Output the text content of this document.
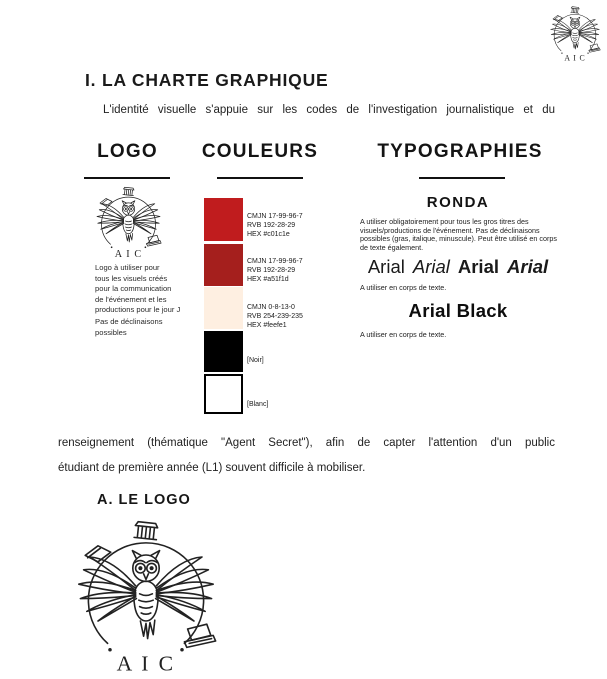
I. LA CHARTE GRAPHIQUE

L'identité visuelle s'appuie sur les codes de l'investigation journalistique et du

LOGO	COULEURS	TYPOGRAPHIES
Logo à utiliser pour
tous les visuels créés
pour la communication
de l'événement et les
productions pour le jour J
Pas de déclinaisons
possibles
CMJN 17-99-96-7
RVB 192-28-29
HEX #c01c1e
CMJN 17-99-96-7
RVB 192-28-29
HEX #a51f1d
CMJN 0-8-13-0
RVB 254-239-235
HEX #feefe1
[Noir]
[Blanc]
RONDA
A utiliser obligatoirement pour tous les gros titres des visuels/productions de l'événement. Pas de déclinaisons possibles (gras, italique, minuscule). Peut être utilisé en corps de texte également.
Arial Arial Arial Arial
A utiliser en corps de texte.
Arial Black
A utiliser en corps de texte.
renseignement (thématique "Agent Secret"), afin de capter l'attention d'un public
étudiant de première année (L1) souvent difficile à mobiliser.
A. LE LOGO
